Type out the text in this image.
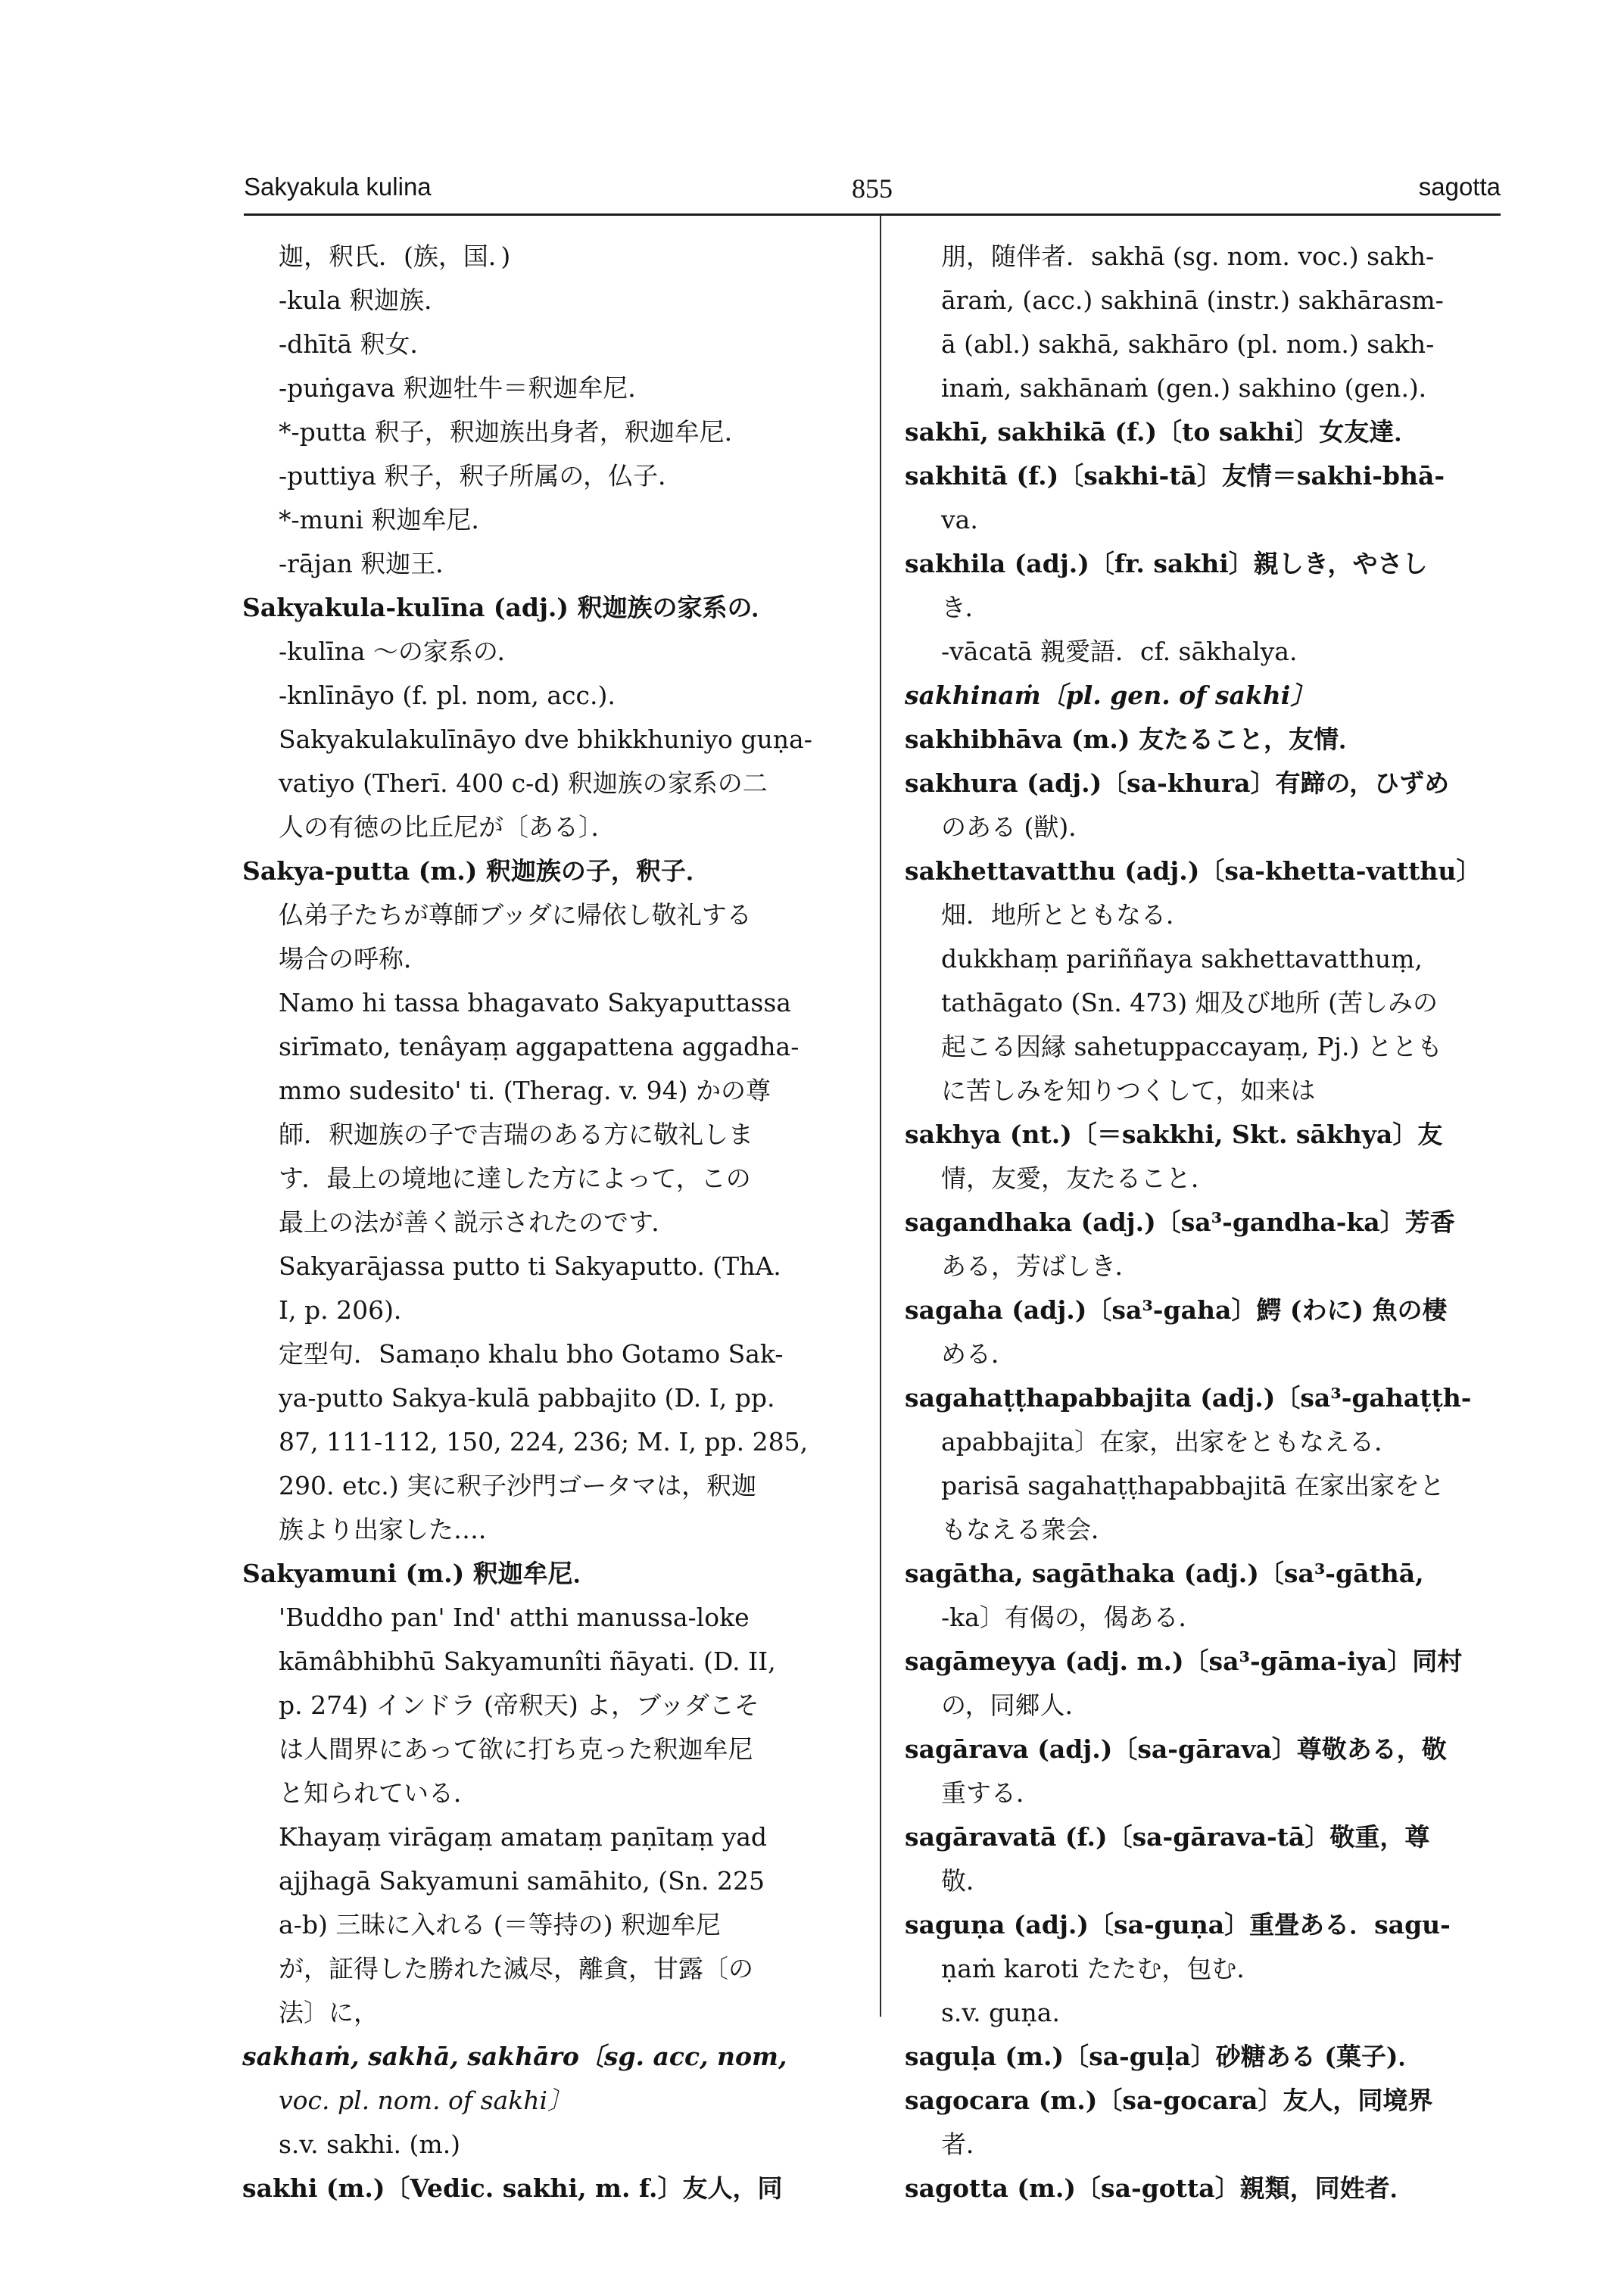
Sakyakula kulina	855	sagotta
迦，釈氏．(族，国．)
-kula 釈迦族．
-dhītā 釈女．
-puṅgava 釈迦牡牛＝釈迦牟尼．
*-putta 釈子，釈迦族出身者，釈迦牟尼．
-puttiya 釈子，釈子所属の，仏子．
*-muni 釈迦牟尼．
-rājan 釈迦王．
Sakyakula-kulīna (adj.) 釈迦族の家系の．
-kulīna ～の家系の．
-knlīnāyo (f. pl. nom, acc.).
Sakyakulakulīnāyo dve bhikkhuniyo guṇa-
vatiyo (Therī. 400 c-d) 釈迦族の家系の二
人の有徳の比丘尼が〔ある〕．
Sakya-putta (m.) 釈迦族の子，釈子．
仏弟子たちが尊師ブッダに帰依し敬礼する
場合の呼称．
Namo hi tassa bhagavato Sakyaputtassa
sirīmato, tenâyaṃ aggapattena aggadha-
mmo sudesito' ti. (Therag. v. 94) かの尊
師．釈迦族の子で吉瑞のある方に敬礼しま
す．最上の境地に達した方によって，この
最上の法が善く説示されたのです．
Sakyarājassa putto ti Sakyaputto. (ThA.
I, p. 206)．
定型句．Samaṇo khalu bho Gotamo Sak-
ya-putto Sakya-kulā pabbajito (D. I, pp.
87, 111-112, 150, 224, 236; M. I, pp. 285,
290. etc.) 実に釈子沙門ゴータマは，釈迦
族より出家した…．
Sakyamuni (m.) 釈迦牟尼．
'Buddho pan' Ind' atthi manussa-loke
kāmâbhibhū Sakyamunîti ñāyati. (D. II,
p. 274) インドラ (帝釈天) よ，ブッダこそ
は人間界にあって欲に打ち克った釈迦牟尼
と知られている．
Khayaṃ virāgaṃ amataṃ paṇītaṃ yad
ajjhagā Sakyamuni samāhito, (Sn. 225
a-b) 三昧に入れる (＝等持の) 釈迦牟尼
が，証得した勝れた滅尽，離貪，甘露〔の
法〕に，
sakhaṁ, sakhā, sakhāro〔sg. acc, nom,
voc. pl. nom. of sakhi〕
s.v. sakhi. (m.)
sakhi (m.)〔Vedic. sakhi, m. f.〕友人，同
朋，随伴者．sakhā (sg. nom. voc.) sakh-
āraṁ, (acc.) sakhinā (instr.) sakhārasm-
ā (abl.) sakhā, sakhāro (pl. nom.) sakh-
inaṁ, sakhānaṁ (gen.) sakhino (gen.)．
sakhī, sakhikā (f.)〔to sakhi〕女友達．
sakhitā (f.)〔sakhi-tā〕友情＝sakhi-bhā-
va.
sakhila (adj.)〔fr. sakhi〕親しき，やさし
き．
-vācatā 親愛語．cf. sākhalya.
sakhinaṁ〔pl. gen. of sakhi〕
sakhibhāva (m.) 友たること，友情．
sakhura (adj.)〔sa-khura〕有蹄の，ひずめ
のある (獣)．
sakhettavatthu (adj.)〔sa-khetta-vatthu〕
畑．地所とともなる．
dukkhaṃ pariññaya sakhettavatthuṃ,
tathāgato (Sn. 473) 畑及び地所 (苦しみの
起こる因縁 sahetuppaccayaṃ, Pj.) ととも
に苦しみを知りつくして，如来は
sakhya (nt.)〔＝sakkhi, Skt. sākhya〕友
情，友愛，友たること．
sagandhaka (adj.)〔sa³-gandha-ka〕芳香
ある，芳ばしき．
sagaha (adj.)〔sa³-gaha〕鰐 (わに) 魚の棲
める．
sagahaṭṭhapabbajita (adj.)〔sa³-gahaṭṭh-
apabbajita〕在家，出家をともなえる．
parisā sagahaṭṭhapabbajitā 在家出家をと
もなえる衆会．
sagātha, sagāthaka (adj.)〔sa³-gāthā,
-ka〕有偈の，偈ある．
sagāmeyya (adj. m.)〔sa³-gāma-iya〕同村
の，同郷人．
sagārava (adj.)〔sa-gārava〕尊敬ある，敬
重する．
sagāravatā (f.)〔sa-gārava-tā〕敬重，尊
敬．
saguṇa (adj.)〔sa-guṇa〕重畳ある．sagu-
ṇaṁ karoti たたむ，包む．
s.v. guṇa.
saguḷa (m.)〔sa-guḷa〕砂糖ある (菓子)．
sagocara (m.)〔sa-gocara〕友人，同境界
者．
sagotta (m.)〔sa-gotta〕親類，同姓者．
